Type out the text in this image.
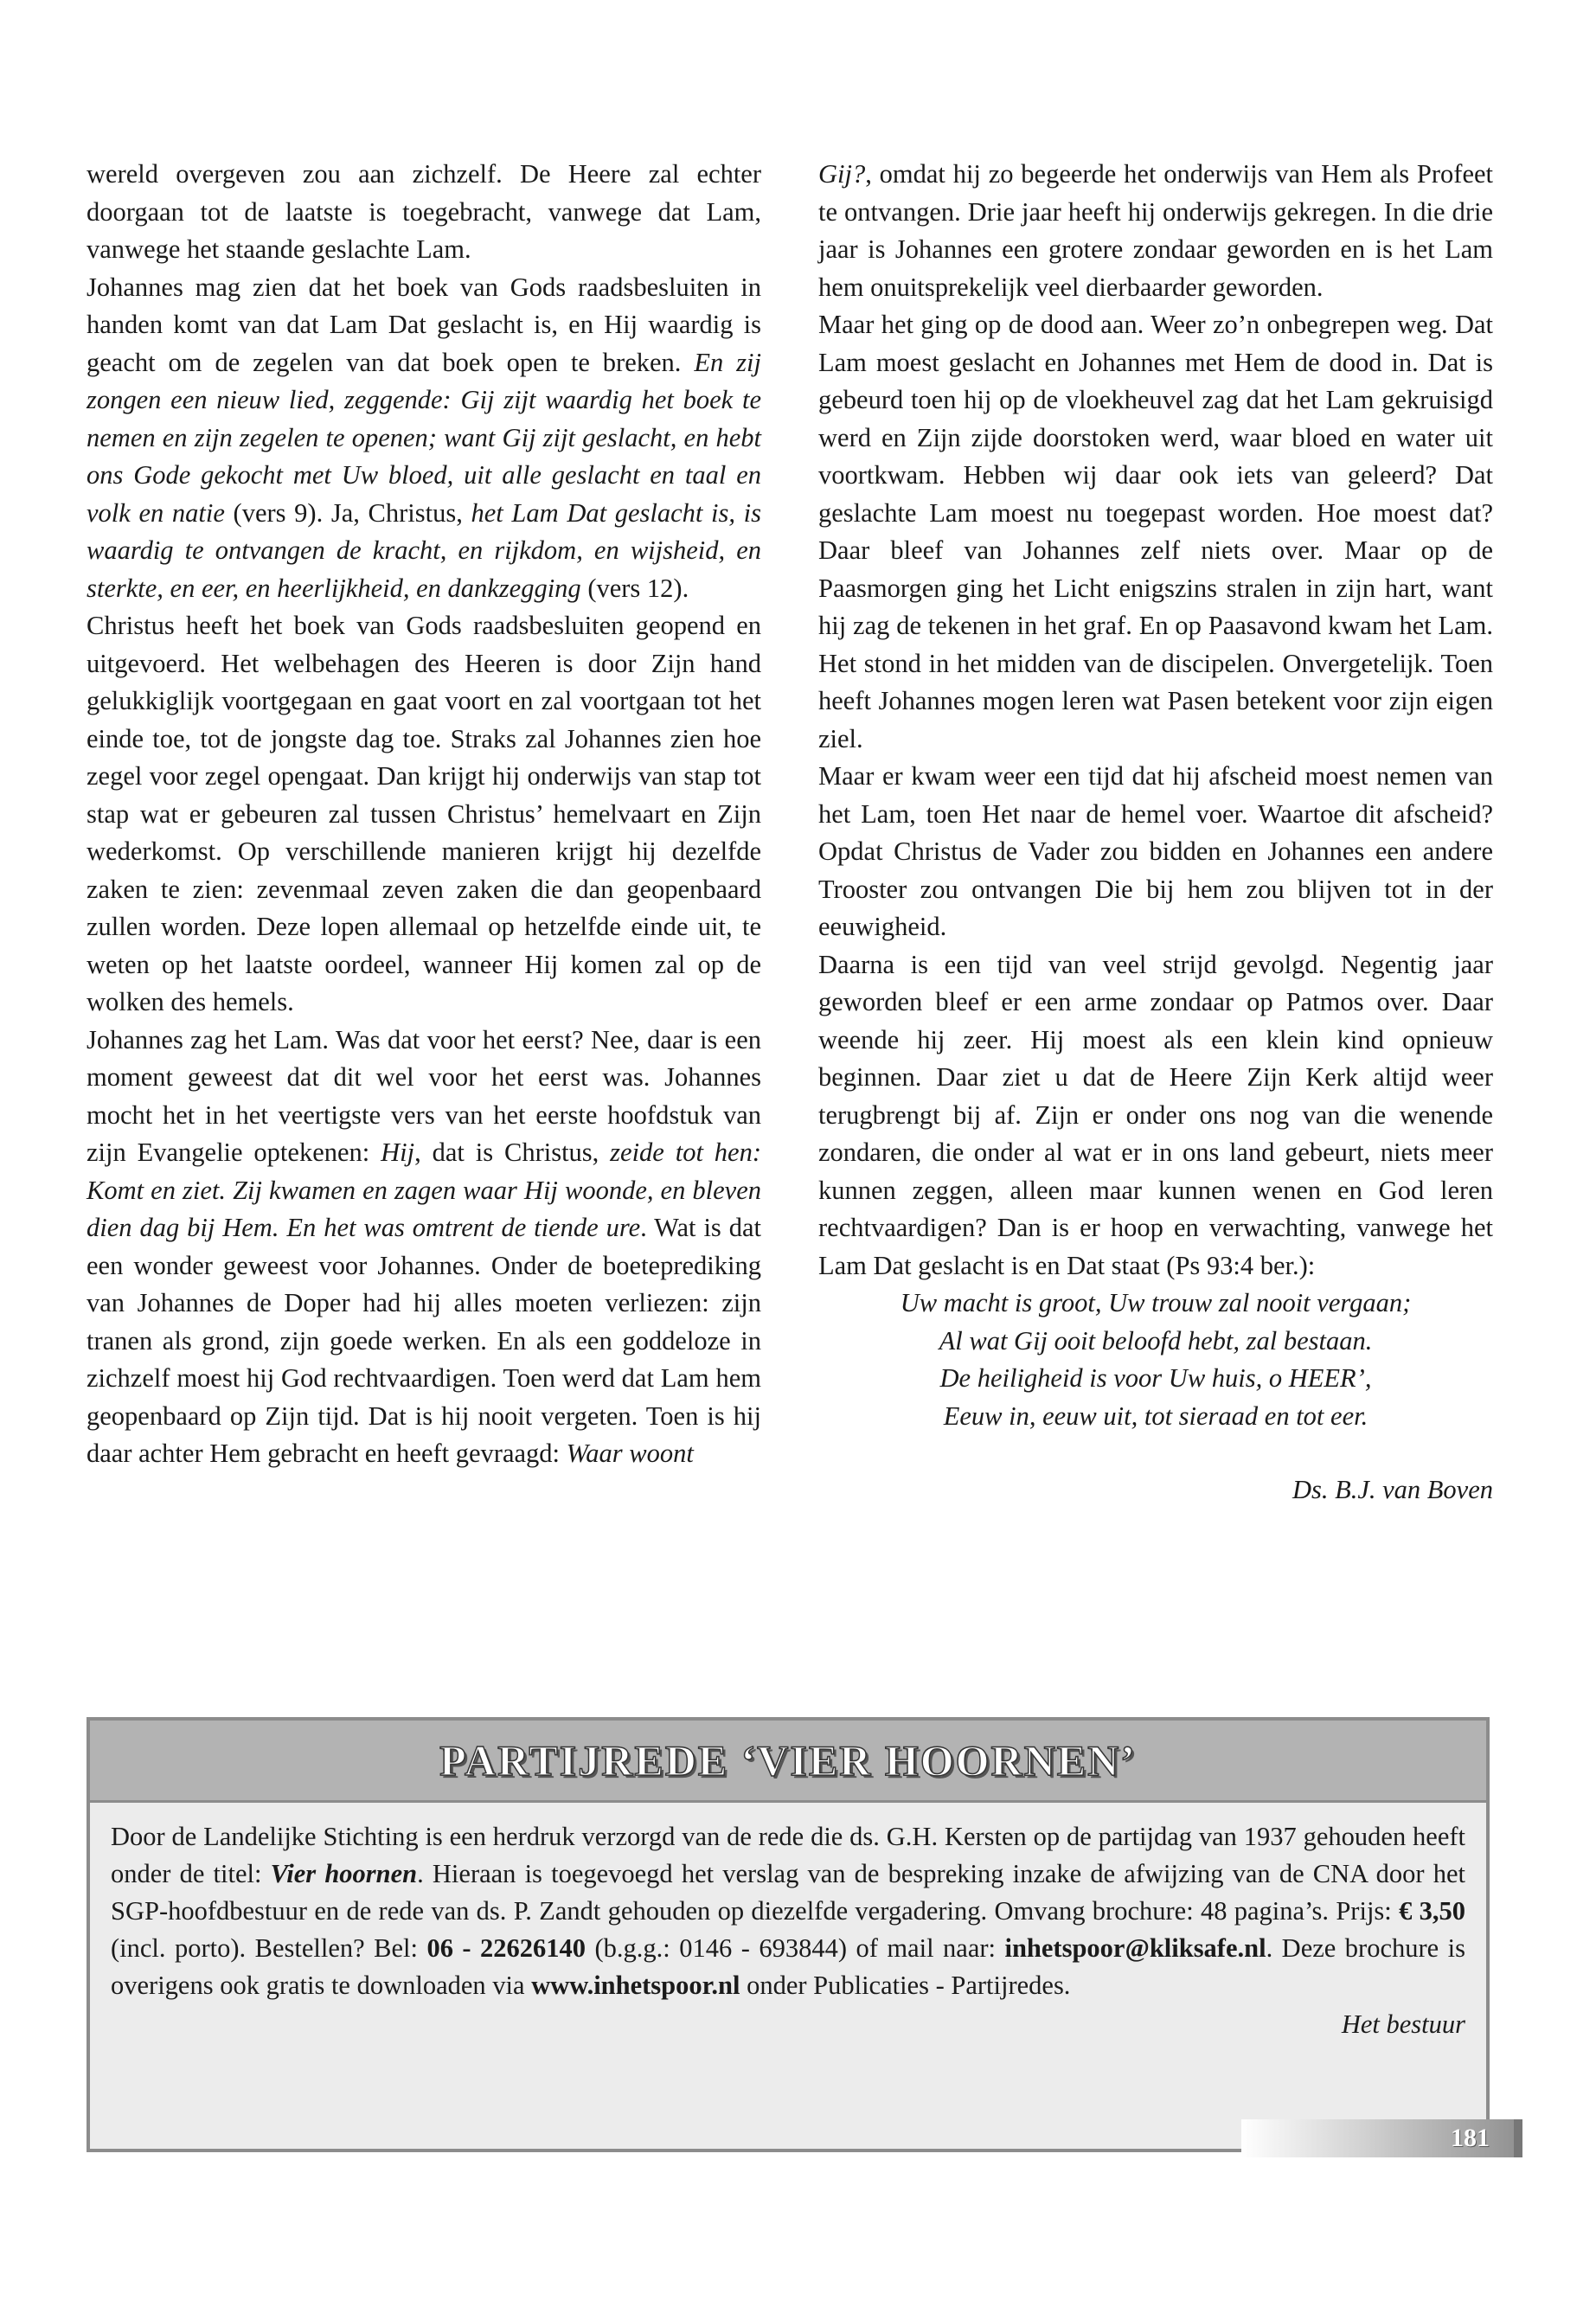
wereld overgeven zou aan zichzelf. De Heere zal echter doorgaan tot de laatste is toegebracht, vanwege dat Lam, vanwege het staande geslachte Lam.

Johannes mag zien dat het boek van Gods raadsbesluiten in handen komt van dat Lam Dat geslacht is, en Hij waardig is geacht om de zegelen van dat boek open te breken. En zij zongen een nieuw lied, zeggende: Gij zijt waardig het boek te nemen en zijn zegelen te openen; want Gij zijt geslacht, en hebt ons Gode gekocht met Uw bloed, uit alle geslacht en taal en volk en natie (vers 9). Ja, Christus, het Lam Dat geslacht is, is waardig te ontvangen de kracht, en rijkdom, en wijsheid, en sterkte, en eer, en heerlijkheid, en dankzegging (vers 12).

Christus heeft het boek van Gods raadsbesluiten geopend en uitgevoerd. Het welbehagen des Heeren is door Zijn hand gelukkiglijk voortgegaan en gaat voort en zal voortgaan tot het einde toe, tot de jongste dag toe. Straks zal Johannes zien hoe zegel voor zegel opengaat. Dan krijgt hij onderwijs van stap tot stap wat er gebeuren zal tussen Christus’ hemelvaart en Zijn wederkomst. Op verschillende manieren krijgt hij dezelfde zaken te zien: zevenmaal zeven zaken die dan geopenbaard zullen worden. Deze lopen allemaal op hetzelfde einde uit, te weten op het laatste oordeel, wanneer Hij komen zal op de wolken des hemels.

Johannes zag het Lam. Was dat voor het eerst? Nee, daar is een moment geweest dat dit wel voor het eerst was. Johannes mocht het in het veertigste vers van het eerste hoofdstuk van zijn Evangelie optekenen: Hij, dat is Christus, zeide tot hen: Komt en ziet. Zij kwamen en zagen waar Hij woonde, en bleven dien dag bij Hem. En het was omtrent de tiende ure. Wat is dat een wonder geweest voor Johannes. Onder de boeteprediking van Johannes de Doper had hij alles moeten verliezen: zijn tranen als grond, zijn goede werken. En als een goddeloze in zichzelf moest hij God rechtvaardigen. Toen werd dat Lam hem geopenbaard op Zijn tijd. Dat is hij nooit vergeten. Toen is hij daar achter Hem gebracht en heeft gevraagd: Waar woont

Gij?, omdat hij zo begeerde het onderwijs van Hem als Profeet te ontvangen. Drie jaar heeft hij onderwijs gekregen. In die drie jaar is Johannes een grotere zondaar geworden en is het Lam hem onuitsprekelijk veel dierbaarder geworden.

Maar het ging op de dood aan. Weer zo’n onbegrepen weg. Dat Lam moest geslacht en Johannes met Hem de dood in. Dat is gebeurd toen hij op de vloekheuvel zag dat het Lam gekruisigd werd en Zijn zijde doorstoken werd, waar bloed en water uit voortkwam. Hebben wij daar ook iets van geleerd? Dat geslachte Lam moest nu toegepast worden. Hoe moest dat? Daar bleef van Johannes zelf niets over. Maar op de Paasmorgen ging het Licht enigszins stralen in zijn hart, want hij zag de tekenen in het graf. En op Paasavond kwam het Lam. Het stond in het midden van de discipelen. Onvergetelijk. Toen heeft Johannes mogen leren wat Pasen betekent voor zijn eigen ziel.

Maar er kwam weer een tijd dat hij afscheid moest nemen van het Lam, toen Het naar de hemel voer. Waartoe dit afscheid? Opdat Christus de Vader zou bidden en Johannes een andere Trooster zou ontvangen Die bij hem zou blijven tot in der eeuwigheid.

Daarna is een tijd van veel strijd gevolgd. Negentig jaar geworden bleef er een arme zondaar op Patmos over. Daar weende hij zeer. Hij moest als een klein kind opnieuw beginnen. Daar ziet u dat de Heere Zijn Kerk altijd weer terugbrengt bij af. Zijn er onder ons nog van die wenende zondaren, die onder al wat er in ons land gebeurt, niets meer kunnen zeggen, alleen maar kunnen wenen en God leren rechtvaardigen? Dan is er hoop en verwachting, vanwege het Lam Dat geslacht is en Dat staat (Ps 93:4 ber.):

Uw macht is groot, Uw trouw zal nooit vergaan;
Al wat Gij ooit beloofd hebt, zal bestaan.
De heiligheid is voor Uw huis, o HEER’,
Eeuw in, eeuw uit, tot sieraad en tot eer.
Ds. B.J. van Boven
PARTIJREDE ‘VIER HOORNEN’

Door de Landelijke Stichting is een herdruk verzorgd van de rede die ds. G.H. Kersten op de partijdag van 1937 gehouden heeft onder de titel: Vier hoornen. Hieraan is toegevoegd het verslag van de bespreking inzake de afwijzing van de CNA door het SGP-hoofdbestuur en de rede van ds. P. Zandt gehouden op diezelfde vergadering. Omvang brochure: 48 pagina’s. Prijs: € 3,50 (incl. porto). Bestellen? Bel: 06 - 22626140 (b.g.g.: 0146 - 693844) of mail naar: inhetspoor@kliksafe.nl. Deze brochure is overigens ook gratis te downloaden via www.inhetspoor.nl onder Publicaties - Partijredes.

Het bestuur
181
